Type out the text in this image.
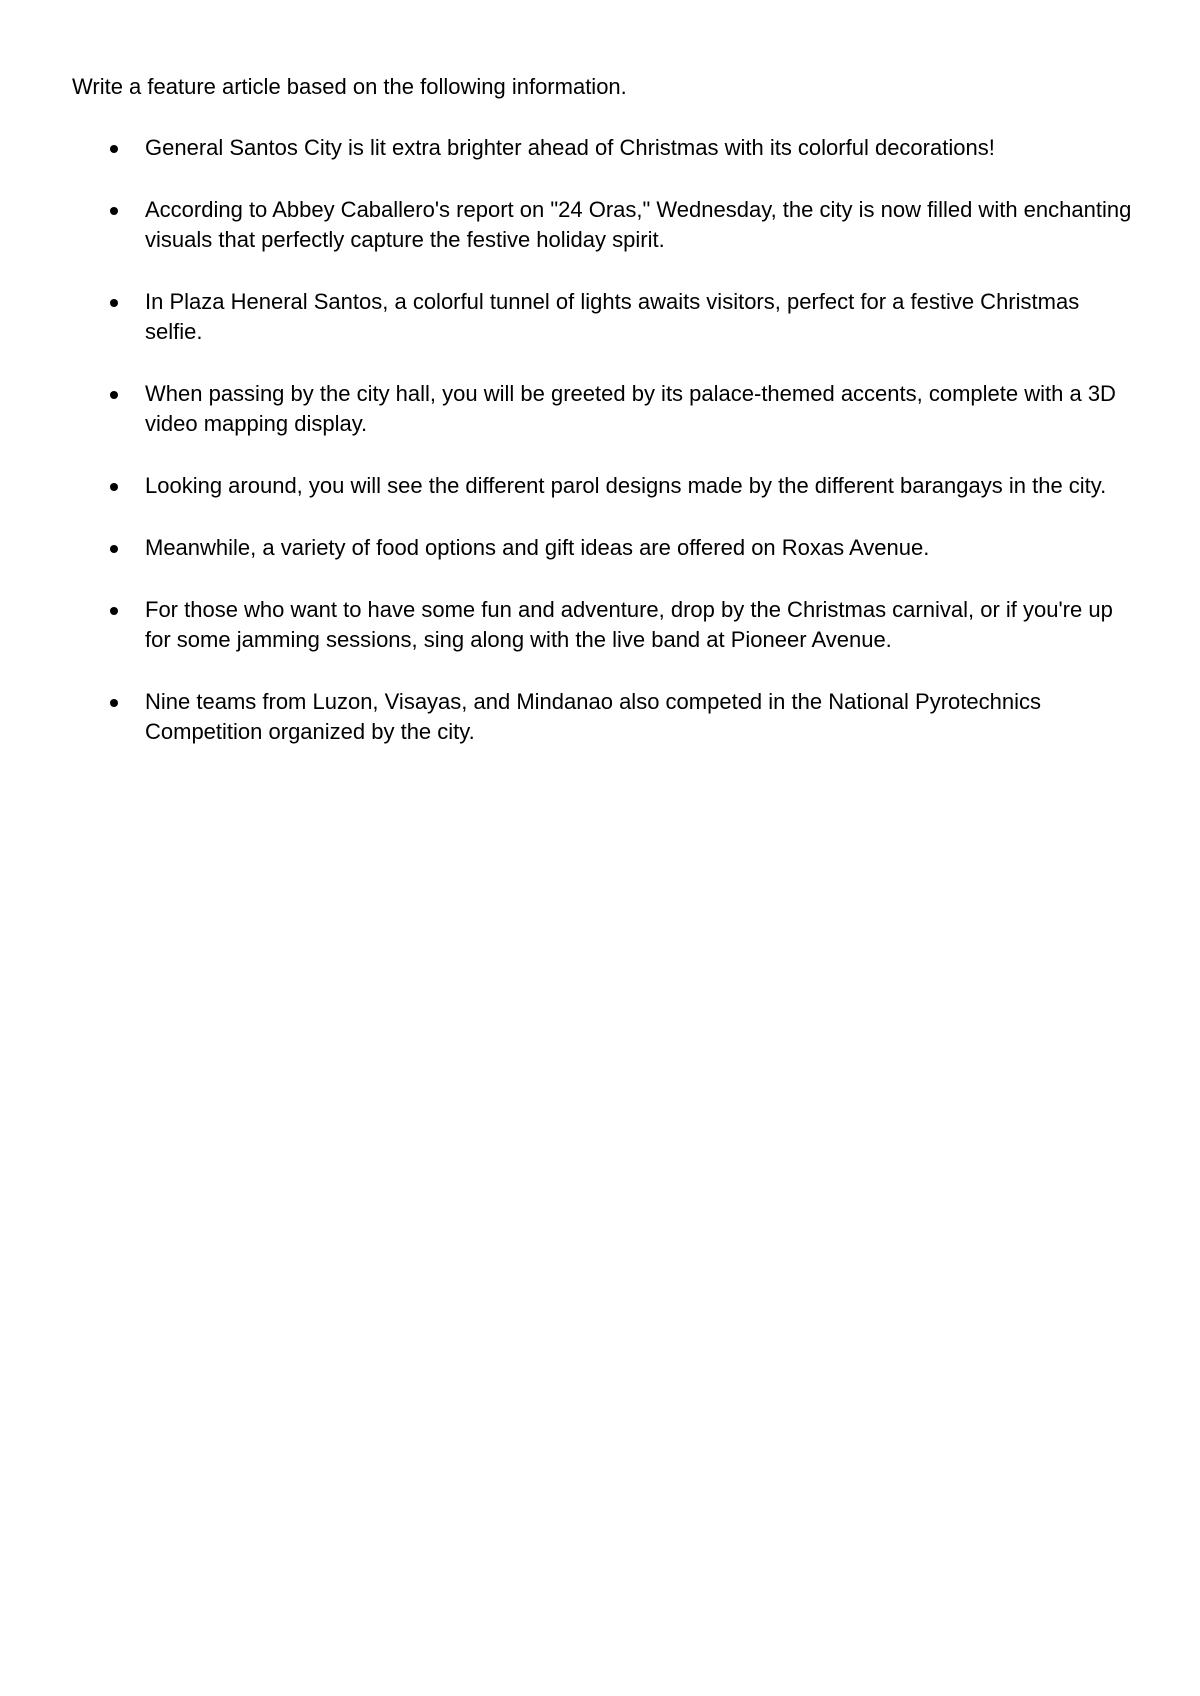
Write a feature article based on the following information.

General Santos City is lit extra brighter ahead of Christmas with its colorful decorations!
According to Abbey Caballero's report on "24 Oras," Wednesday, the city is now filled with enchanting visuals that perfectly capture the festive holiday spirit.
In Plaza Heneral Santos, a colorful tunnel of lights awaits visitors, perfect for a festive Christmas selfie.
When passing by the city hall, you will be greeted by its palace-themed accents, complete with a 3D video mapping display.
Looking around, you will see the different parol designs made by the different barangays in the city.
Meanwhile, a variety of food options and gift ideas are offered on Roxas Avenue.
For those who want to have some fun and adventure, drop by the Christmas carnival, or if you're up for some jamming sessions, sing along with the live band at Pioneer Avenue.
Nine teams from Luzon, Visayas, and Mindanao also competed in the National Pyrotechnics Competition organized by the city.
